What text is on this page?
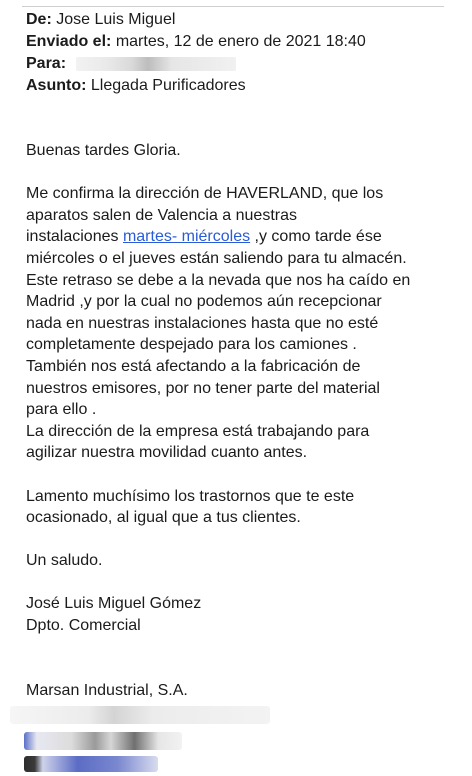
De: Jose Luis Miguel
Enviado el: martes, 12 de enero de 2021 18:40
Para:
Asunto: Llegada Purificadores
Buenas tardes Gloria.
Me confirma la dirección de HAVERLAND, que los
aparatos salen de Valencia a nuestras
instalaciones martes- miércoles ,y como tarde ése
miércoles o el jueves están saliendo para tu almacén.
Este retraso se debe a la nevada que nos ha caído en
Madrid ,y por la cual no podemos aún recepcionar
nada en nuestras instalaciones hasta que no esté
completamente despejado para los camiones .
También nos está afectando a la fabricación de
nuestros emisores, por no tener parte del material
para ello .
La dirección de la empresa está trabajando para
agilizar nuestra movilidad cuanto antes.
Lamento muchísimo los trastornos que te este
ocasionado, al igual que a tus clientes.
Un saludo.
José Luis Miguel Gómez
Dpto. Comercial
Marsan Industrial, S.A.
